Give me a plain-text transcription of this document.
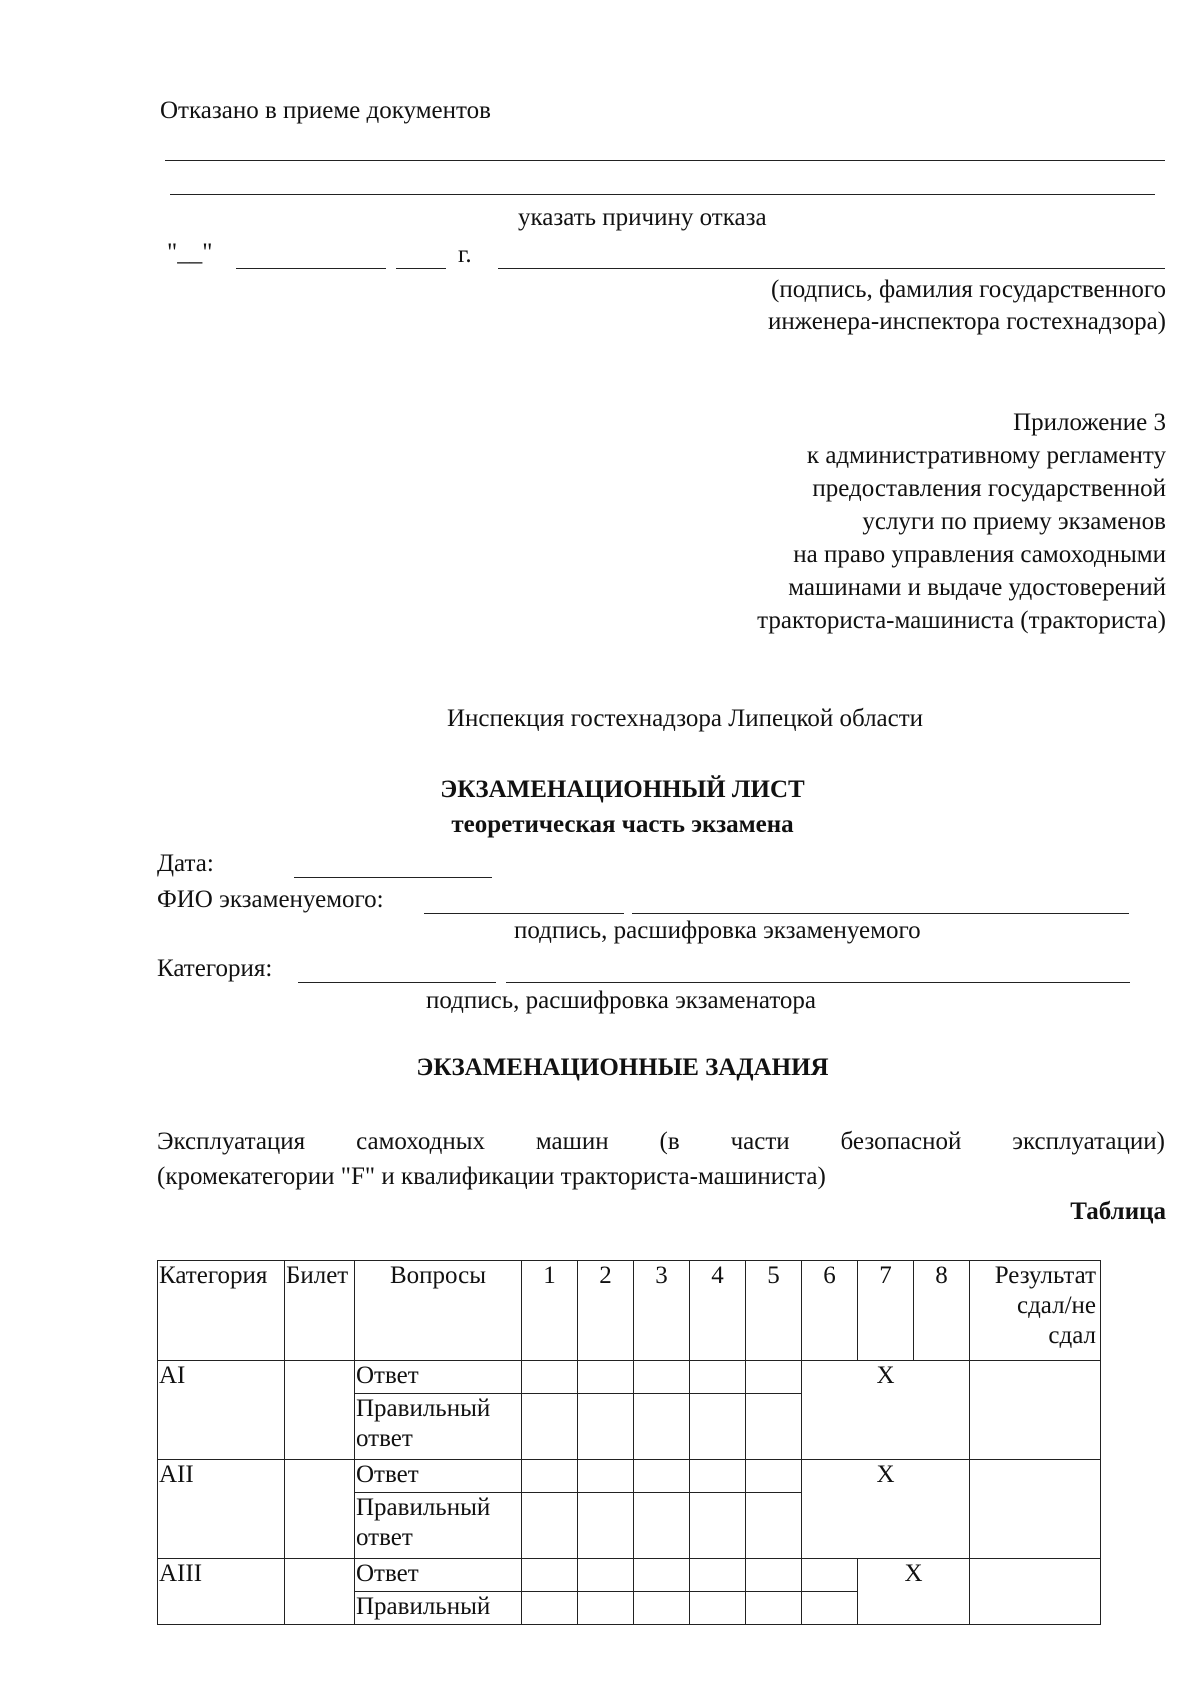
Отказано в приеме документов
указать причину отказа
"__"	г.
(подпись, фамилия государственного
инженера-инспектора гостехнадзора)
Приложение 3
к административному регламенту
предоставления государственной
услуги по приему экзаменов
на право управления самоходными
машинами и выдаче удостоверений
тракториста-машиниста (тракториста)
Инспекция гостехнадзора Липецкой области
ЭКЗАМЕНАЦИОННЫЙ ЛИСТ
теоретическая часть экзамена
Дата:
ФИО экзаменуемого:
подпись, расшифровка экзаменуемого
Категория:
подпись, расшифровка экзаменатора
ЭКЗАМЕНАЦИОННЫЕ ЗАДАНИЯ
Эксплуатация самоходных машин (в части безопасной эксплуатации)
(кромекатегории "F" и квалификации тракториста-машиниста)
Таблица
Категория	Билет	Вопросы	1	2	3	4	5	6	7	8	Результат
сдал/не
сдал

AI		Ответ						X			

		Правильный
ответ									

AII		Ответ						X			

		Правильный
ответ									

AIII		Ответ							X		
		Правильный									
